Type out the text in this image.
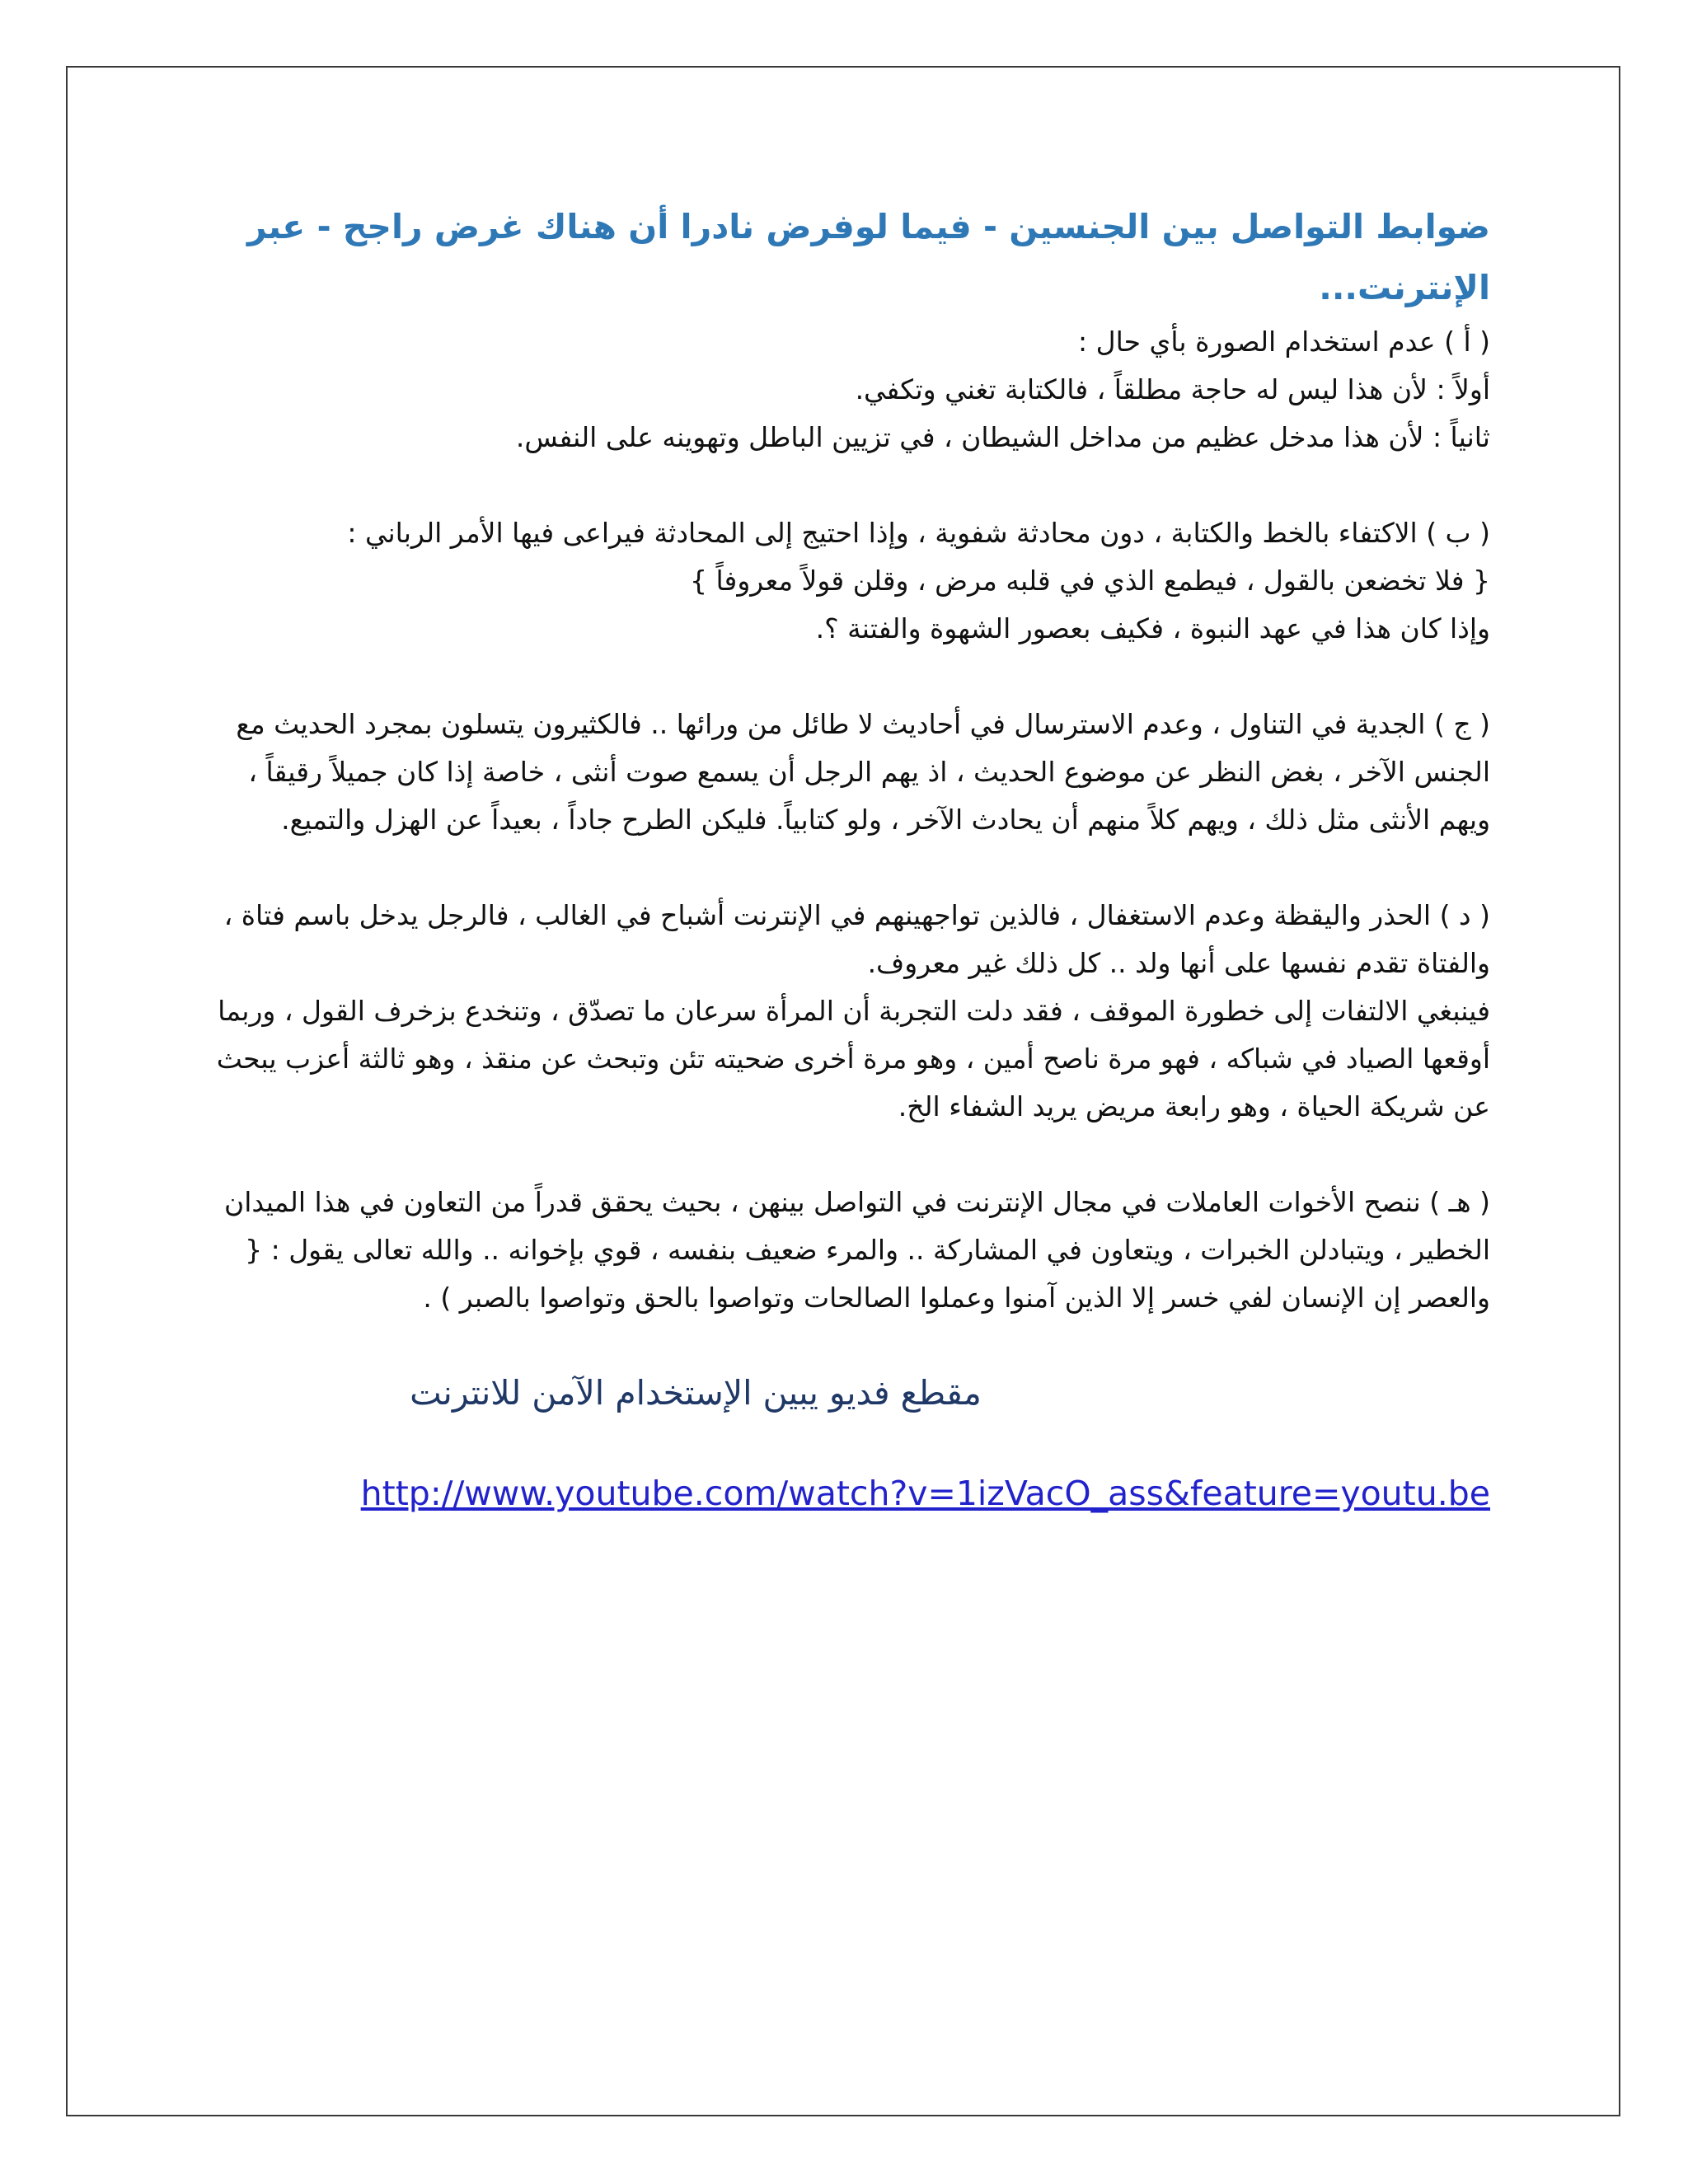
ضوابط التواصل بين الجنسين - فيما لوفرض نادرا أن هناك غرض راجح - عبر الإنترنت...

( أ ) عدم استخدام الصورة بأي حال :

أولاً : لأن هذا ليس له حاجة مطلقاً ، فالكتابة تغني وتكفي.

ثانياً : لأن هذا مدخل عظيم من مداخل الشيطان ، في تزيين الباطل وتهوينه على النفس.

( ب ) الاكتفاء بالخط والكتابة ، دون محادثة شفوية ، وإذا احتيج إلى المحادثة فيراعى فيها الأمر الرباني :

{ فلا تخضعن بالقول ، فيطمع الذي في قلبه مرض ، وقلن قولاً معروفاً }

وإذا كان هذا في عهد النبوة ، فكيف بعصور الشهوة والفتنة ؟.

( ج ) الجدية في التناول ، وعدم الاسترسال في أحاديث لا طائل من ورائها .. فالكثيرون يتسلون بمجرد الحديث مع الجنس الآخر ، بغض النظر عن موضوع الحديث ، اذ يهم الرجل أن يسمع صوت أنثى ، خاصة إذا كان جميلاً رقيقاً ، ويهم الأنثى مثل ذلك ، ويهم كلاً منهم أن يحادث الآخر ، ولو كتابياً. فليكن الطرح جاداً ، بعيداً عن الهزل والتميع.

( د ) الحذر واليقظة وعدم الاستغفال ، فالذين تواجهينهم في الإنترنت أشباح في الغالب ، فالرجل يدخل باسم فتاة ، والفتاة تقدم نفسها على أنها ولد .. كل ذلك غير معروف.

فينبغي الالتفات إلى خطورة الموقف ، فقد دلت التجربة أن المرأة سرعان ما تصدّق ، وتنخدع بزخرف القول ، وربما أوقعها الصياد في شباكه ، فهو مرة ناصح أمين ، وهو مرة أخرى ضحيته تئن وتبحث عن منقذ ، وهو ثالثة أعزب يبحث عن شريكة الحياة ، وهو رابعة مريض يريد الشفاء الخ.

( هـ ) ننصح الأخوات العاملات في مجال الإنترنت في التواصل بينهن ، بحيث يحقق قدراً من التعاون في هذا الميدان الخطير ، ويتبادلن الخبرات ، ويتعاون في المشاركة .. والمرء ضعيف بنفسه ، قوي بإخوانه .. والله تعالى يقول : { والعصر إن الإنسان لفي خسر إلا الذين آمنوا وعملوا الصالحات وتواصوا بالحق وتواصوا بالصبر ) .

مقطع فديو يبين الإستخدام الآمن للانترنت

http://www.youtube.com/watch?v=1izVacO_ass&feature=youtu.be
